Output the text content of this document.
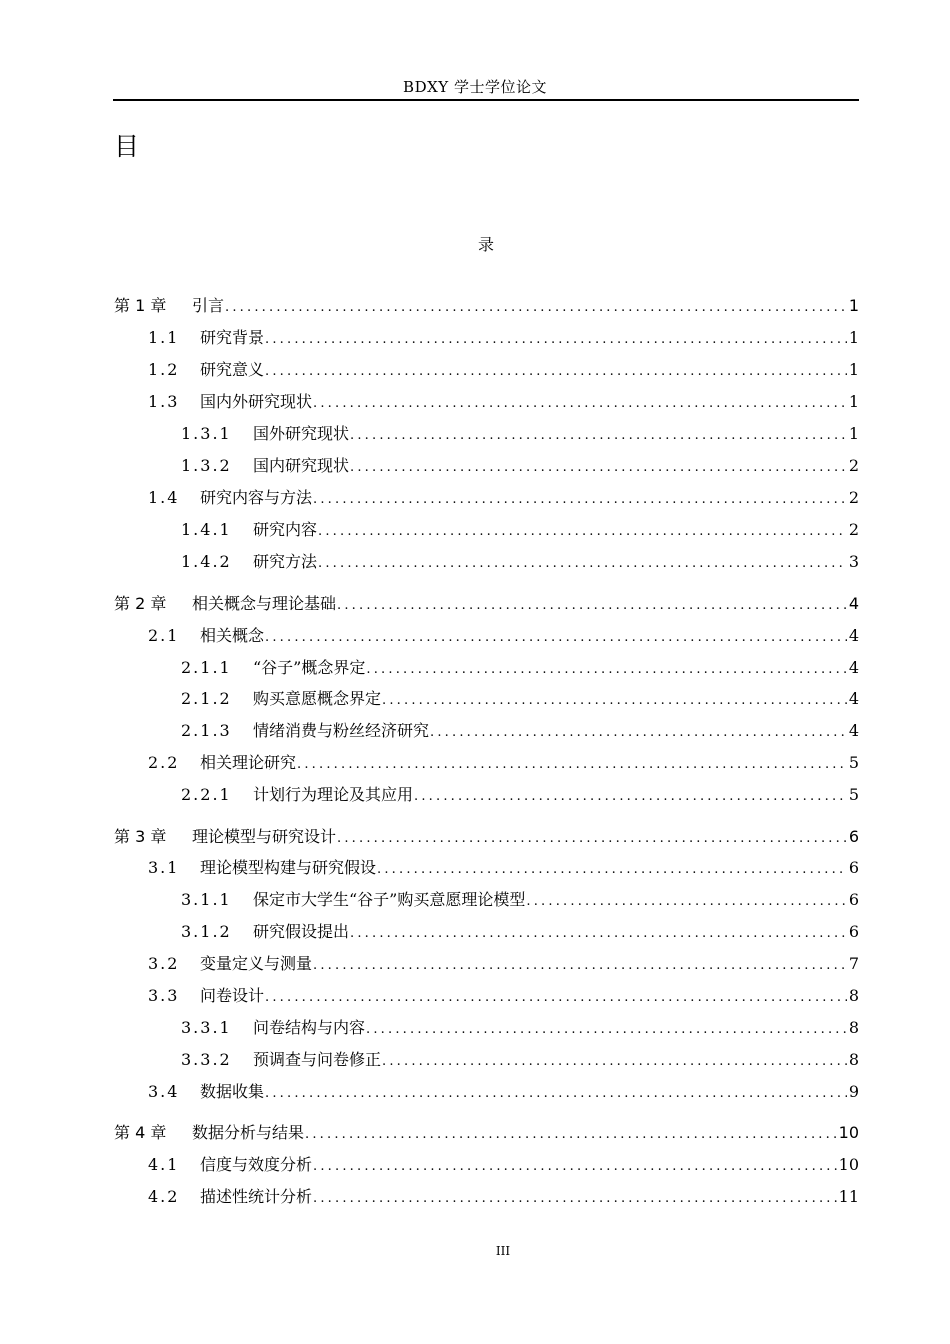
BDXY 学士学位论文
目
录
第 1 章	引言 .....	1
1.1	研究背景 .....	1
1.2	研究意义 .....	1
1.3	国内外研究现状 .....	1
1.3.1	国外研究现状 .....	1
1.3.2	国内研究现状 .....	2
1.4	研究内容与方法 .....	2
1.4.1	研究内容 .....	2
1.4.2	研究方法 .....	3
第 2 章	相关概念与理论基础 .....	4
2.1	相关概念 .....	4
2.1.1	“谷子”概念界定 .....	4
2.1.2	购买意愿概念界定 .....	4
2.1.3	情绪消费与粉丝经济研究 .....	4
2.2	相关理论研究 .....	5
2.2.1	计划行为理论及其应用 .....	5
第 3 章	理论模型与研究设计 .....	6
3.1	理论模型构建与研究假设 .....	6
3.1.1	保定市大学生“谷子”购买意愿理论模型 .....	6
3.1.2	研究假设提出 .....	6
3.2	变量定义与测量 .....	7
3.3	问卷设计 .....	8
3.3.1	问卷结构与内容 .....	8
3.3.2	预调查与问卷修正 .....	8
3.4	数据收集 .....	9
第 4 章	数据分析与结果 .....	10
4.1	信度与效度分析 .....	10
4.2	描述性统计分析 .....	11
III
